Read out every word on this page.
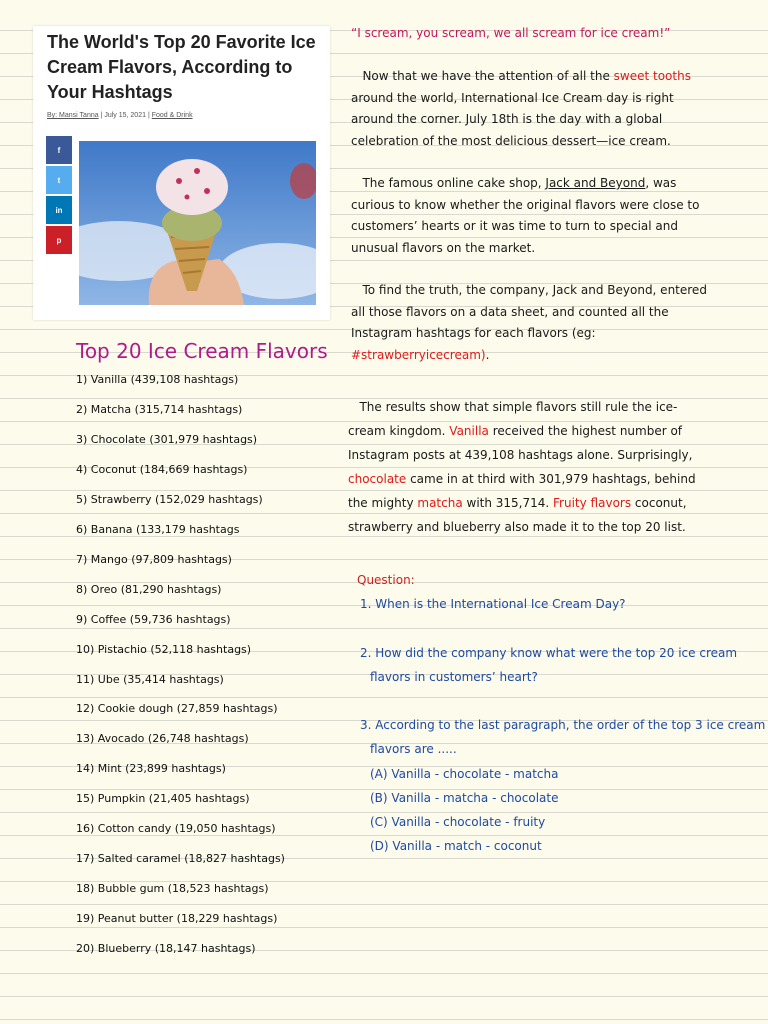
The World's Top 20 Favorite Ice Cream Flavors, According to Your Hashtags
By: Mansi Tanna | July 15, 2021 | Food & Drink
f
t
in
p
“I scream, you scream, we all scream for ice cream!”
Now that we have the attention of all the sweet tooths around the world, International Ice Cream day is right around the corner. July 18th is the day with a global celebration of the most delicious dessert—ice cream.
The famous online cake shop, Jack and Beyond, was curious to know whether the original flavors were close to customers’ hearts or it was time to turn to special and unusual flavors on the market.
To find the truth, the company, Jack and Beyond, entered all those flavors on a data sheet, and counted all the Instagram hashtags for each flavors (eg: #strawberryicecream).
The results show that simple flavors still rule the ice-cream kingdom. Vanilla received the highest number of Instagram posts at 439,108 hashtags alone. Surprisingly, chocolate came in at third with 301,979 hashtags, behind the mighty matcha with 315,714. Fruity flavors coconut, strawberry and blueberry also made it to the top 20 list.
Top 20 Ice Cream Flavors
1) Vanilla (439,108 hashtags)
2) Matcha (315,714 hashtags)
3) Chocolate (301,979 hashtags)
4) Coconut (184,669 hashtags)
5) Strawberry (152,029 hashtags)
6) Banana (133,179 hashtags
7) Mango (97,809 hashtags)
8) Oreo (81,290 hashtags)
9) Coffee (59,736 hashtags)
10) Pistachio (52,118 hashtags)
11) Ube (35,414 hashtags)
12) Cookie dough (27,859 hashtags)
13) Avocado (26,748 hashtags)
14) Mint (23,899 hashtags)
15) Pumpkin (21,405 hashtags)
16) Cotton candy (19,050 hashtags)
17) Salted caramel (18,827 hashtags)
18) Bubble gum (18,523 hashtags)
19) Peanut butter (18,229 hashtags)
20) Blueberry (18,147 hashtags)
Question:
1. When is the International Ice Cream Day?
2. How did the company know what were the top 20 ice cream
flavors in customers’ heart?
3. According to the last paragraph, the order of the top 3 ice cream
flavors are .....
(A) Vanilla - chocolate - matcha
(B) Vanilla - matcha - chocolate
(C) Vanilla - chocolate - fruity
(D) Vanilla - match - coconut
